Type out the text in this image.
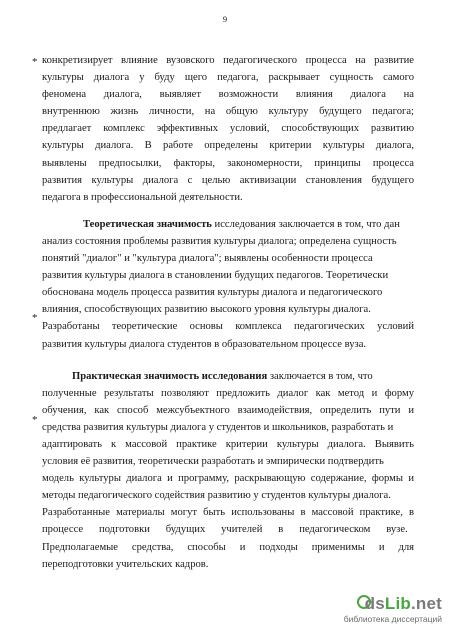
9
*
*
*
конкретизирует влияние вузовского педагогического процесса на развитие
культуры диалога у буду щего педагога, раскрывает сущность самого
феномена диалога, выявляет возможности влияния диалога на
внутреннюю жизнь личности, на общую культуру будущего педагога;
предлагает комплекс эффективных условий, способствующих развитию
культуры диалога. В работе определены критерии культуры диалога,
выявлены предпосылки, факторы, закономерности, принципы процесса
развития культуры диалога с целью активизации становления будущего
педагога в профессиональной деятельности.
Теоретическая значимость исследования заключается в том, что дан
анализ состояния проблемы развития культуры диалога; определена сущность
понятий "диалог" и "культура диалога"; выявлены особенности процесса
развития культуры диалога в становлении будущих педагогов. Теоретически
обоснована модель процесса развития культуры диалога и педагогического
влияния, способствующих развитию высокого уровня культуры диалога.
Разработаны теоретические основы комплекса педагогических условий
развития культуры диалога студентов в образовательном процессе вуза.
Практическая значимость исследования заключается в том, что
полученные результаты позволяют предложить диалог как метод и форму
обучения, как способ межсубъектного взаимодействия, определить пути и
средства развития культуры диалога у студентов и школьников, разработать и
адаптировать к массовой практике критерии культуры диалога. Выявить
условия её развития, теоретически разработать и эмпирически подтвердить
модель культуры диалога и программу, раскрывающую содержание, формы и
методы педагогического содействия развитию у студентов культуры диалога.
Разработанные материалы могут быть использованы в массовой практике, в
процессе      подготовки      будущих      учителей      в      педагогическом      вузе.
Предполагаемые средства, способы и подходы применимы и для
переподготовки учительских кадров.
dsLib.net
библиотека диссертаций
